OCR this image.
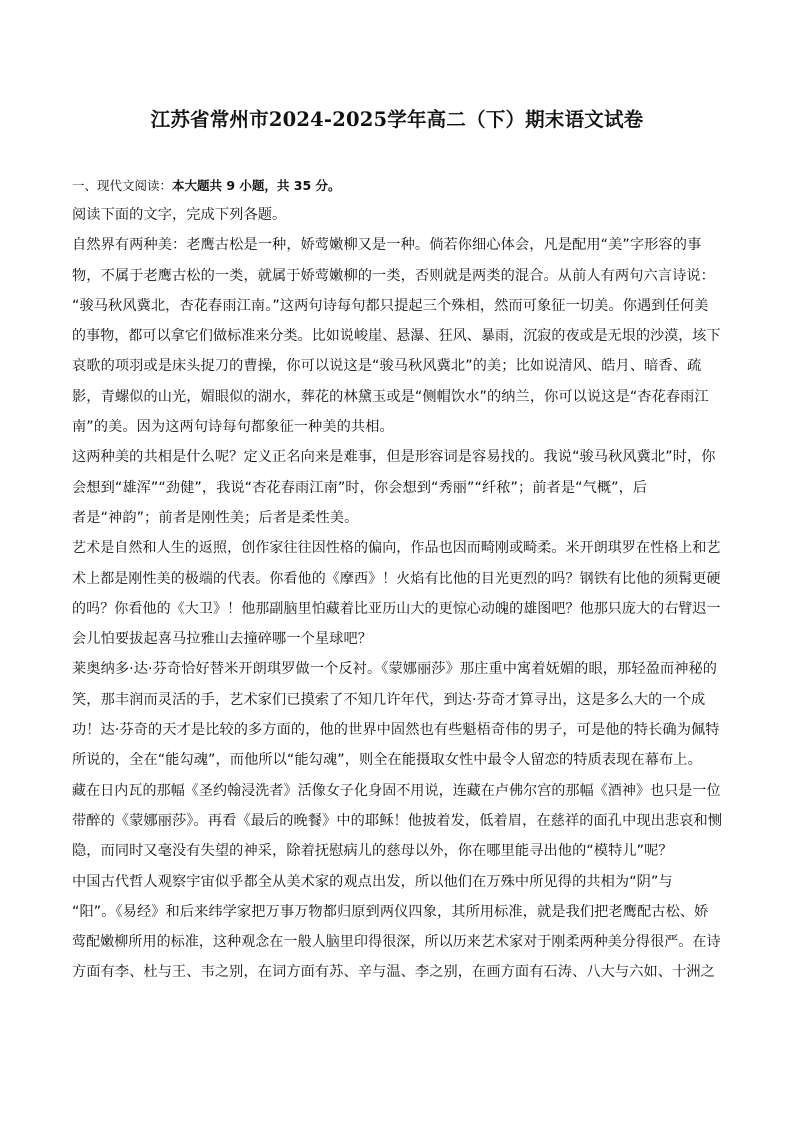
江苏省常州市2024-2025学年高二（下）期末语文试卷
一、现代文阅读：本大题共 9 小题，共 35 分。
阅读下面的文字，完成下列各题。
自然界有两种美：老鹰古松是一种，娇莺嫩柳又是一种。倘若你细心体会，凡是配用“美”字形容的事
物，不属于老鹰古松的一类，就属于娇莺嫩柳的一类，否则就是两类的混合。从前人有两句六言诗说：
“骏马秋风冀北，杏花春雨江南。”这两句诗每句都只提起三个殊相，然而可象征一切美。你遇到任何美
的事物，都可以拿它们做标准来分类。比如说峻崖、悬瀑、狂风、暴雨，沉寂的夜或是无垠的沙漠，垓下
哀歌的项羽或是床头捉刀的曹操，你可以说这是“骏马秋风冀北”的美；比如说清风、皓月、暗香、疏
影，青螺似的山光，媚眼似的湖水，葬花的林黛玉或是“侧帽饮水”的纳兰，你可以说这是“杏花春雨江
南”的美。因为这两句诗每句都象征一种美的共相。
这两种美的共相是什么呢？定义正名向来是难事，但是形容词是容易找的。我说“骏马秋风冀北”时，你
会想到“雄浑”“劲健”，我说“杏花春雨江南”时，你会想到“秀丽”“纤秾”；前者是“气概”，后
者是“神韵”；前者是刚性美；后者是柔性美。
艺术是自然和人生的返照，创作家往往因性格的偏向，作品也因而畸刚或畸柔。米开朗琪罗在性格上和艺
术上都是刚性美的极端的代表。你看他的《摩西》！火焰有比他的目光更烈的吗？钢铁有比他的须髯更硬
的吗？你看他的《大卫》！他那副脑里怕藏着比亚历山大的更惊心动魄的雄图吧？他那只庞大的右臂迟一
会儿怕要拔起喜马拉雅山去撞碎哪一个星球吧？
莱奥纳多·达·芬奇恰好替米开朗琪罗做一个反衬。《蒙娜丽莎》那庄重中寓着妩媚的眼，那轻盈而神秘的
笑，那丰润而灵活的手，艺术家们已摸索了不知几许年代，到达·芬奇才算寻出，这是多么大的一个成
功！达·芬奇的天才是比较的多方面的，他的世界中固然也有些魁梧奇伟的男子，可是他的特长确为佩特
所说的，全在“能勾魂”，而他所以“能勾魂”，则全在能摄取女性中最令人留恋的特质表现在幕布上。
藏在日内瓦的那幅《圣约翰浸洗者》活像女子化身固不用说，连藏在卢佛尔宫的那幅《酒神》也只是一位
带醉的《蒙娜丽莎》。再看《最后的晚餐》中的耶稣！他披着发，低着眉，在慈祥的面孔中现出悲哀和恻
隐，而同时又毫没有失望的神采，除着抚慰病儿的慈母以外，你在哪里能寻出他的“模特儿”呢？
中国古代哲人观察宇宙似乎都全从美术家的观点出发，所以他们在万殊中所见得的共相为“阴”与
“阳”。《易经》和后来纬学家把万事万物都归原到两仪四象，其所用标准，就是我们把老鹰配古松、娇
莺配嫩柳所用的标准，这种观念在一般人脑里印得很深，所以历来艺术家对于刚柔两种美分得很严。在诗
方面有李、杜与王、韦之别，在词方面有苏、辛与温、李之别，在画方面有石涛、八大与六如、十洲之
